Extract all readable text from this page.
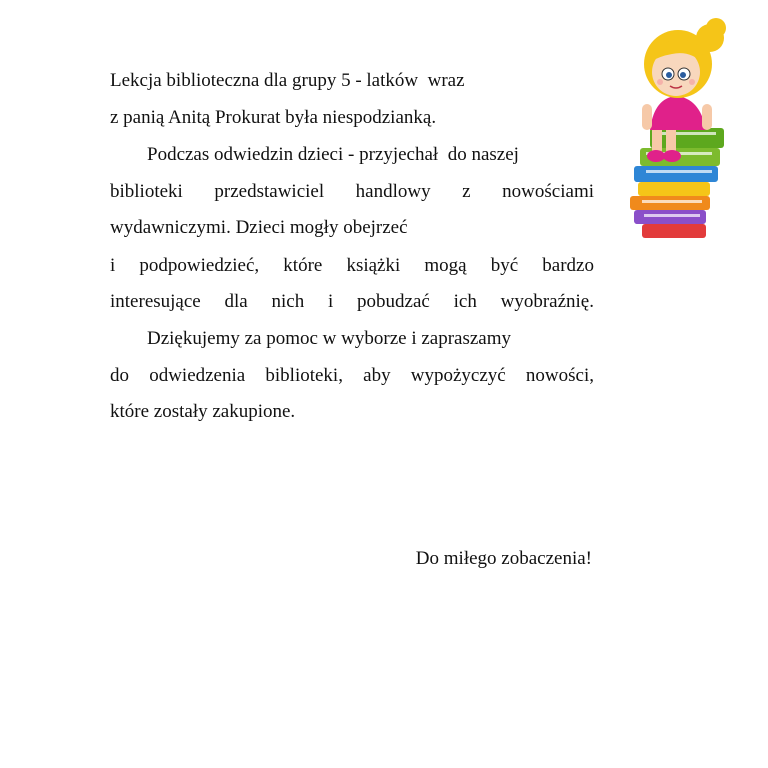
Lekcja biblioteczna dla grupy 5 - latków  wraz
z panią Anitą Prokurat była niespodzianką.
Podczas odwiedzin dzieci - przyjechał  do naszej
biblioteki przedstawiciel handlowy z nowościami
wydawniczymi. Dzieci mogły obejrzeć
i podpowiedzieć, które książki mogą być bardzo
interesujące dla nich i pobudzać ich wyobraźnię.
Dziękujemy za pomoc w wyborze i zapraszamy
do odwiedzenia biblioteki, aby wypożyczyć nowości,
które zostały zakupione.
Do miłego zobaczenia!
